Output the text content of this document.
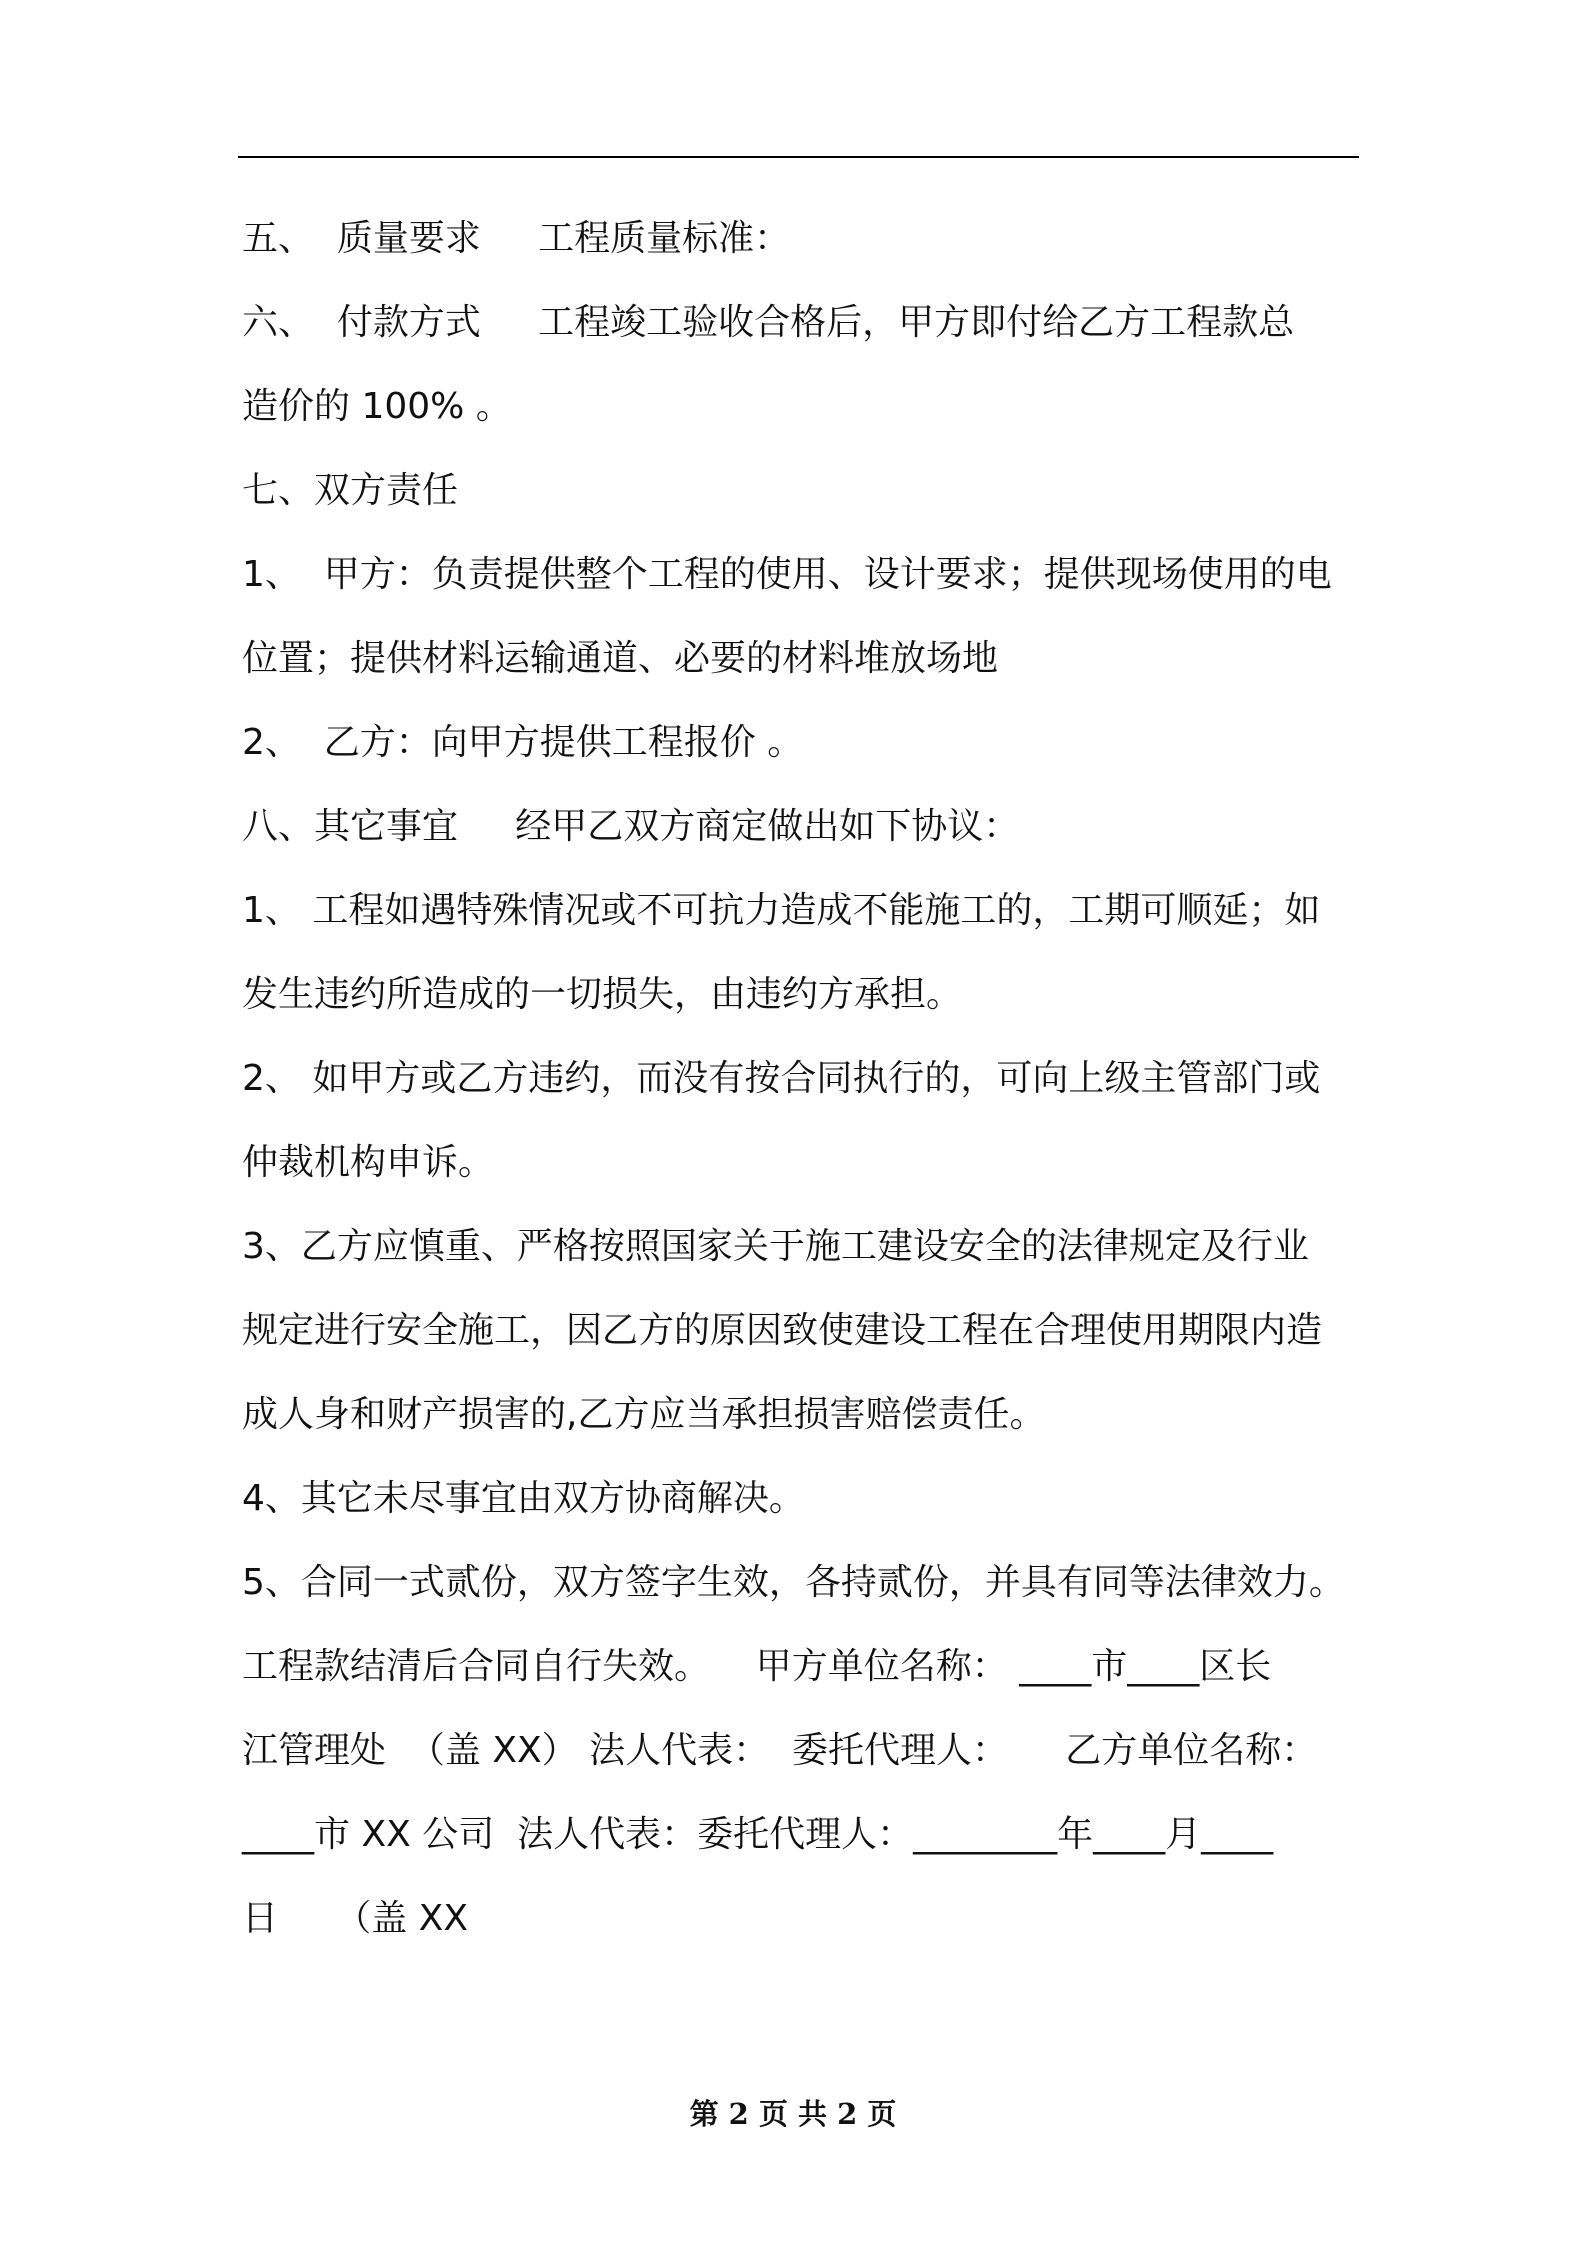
五、  质量要求     工程质量标准：
六、  付款方式     工程竣工验收合格后，甲方即付给乙方工程款总
造价的 100% 。
七、双方责任
1、  甲方：负责提供整个工程的使用、设计要求；提供现场使用的电
位置；提供材料运输通道、必要的材料堆放场地
2、  乙方：向甲方提供工程报价 。
八、其它事宜     经甲乙双方商定做出如下协议：
1、 工程如遇特殊情况或不可抗力造成不能施工的，工期可顺延；如
发生违约所造成的一切损失，由违约方承担。
2、 如甲方或乙方违约，而没有按合同执行的，可向上级主管部门或
仲裁机构申诉。
3、乙方应慎重、严格按照国家关于施工建设安全的法律规定及行业
规定进行安全施工，因乙方的原因致使建设工程在合理使用期限内造
成人身和财产损害的,乙方应当承担损害赔偿责任。
4、其它未尽事宜由双方协商解决。
5、合同一式贰份，双方签字生效，各持贰份，并具有同等法律效力。
工程款结清后合同自行失效。    甲方单位名称： ____市____区长
江管理处  （盖 XX） 法人代表：  委托代理人：     乙方单位名称：
____市 XX 公司  法人代表：委托代理人：________年____月____
日     （盖 XX
第 2 页 共 2 页
